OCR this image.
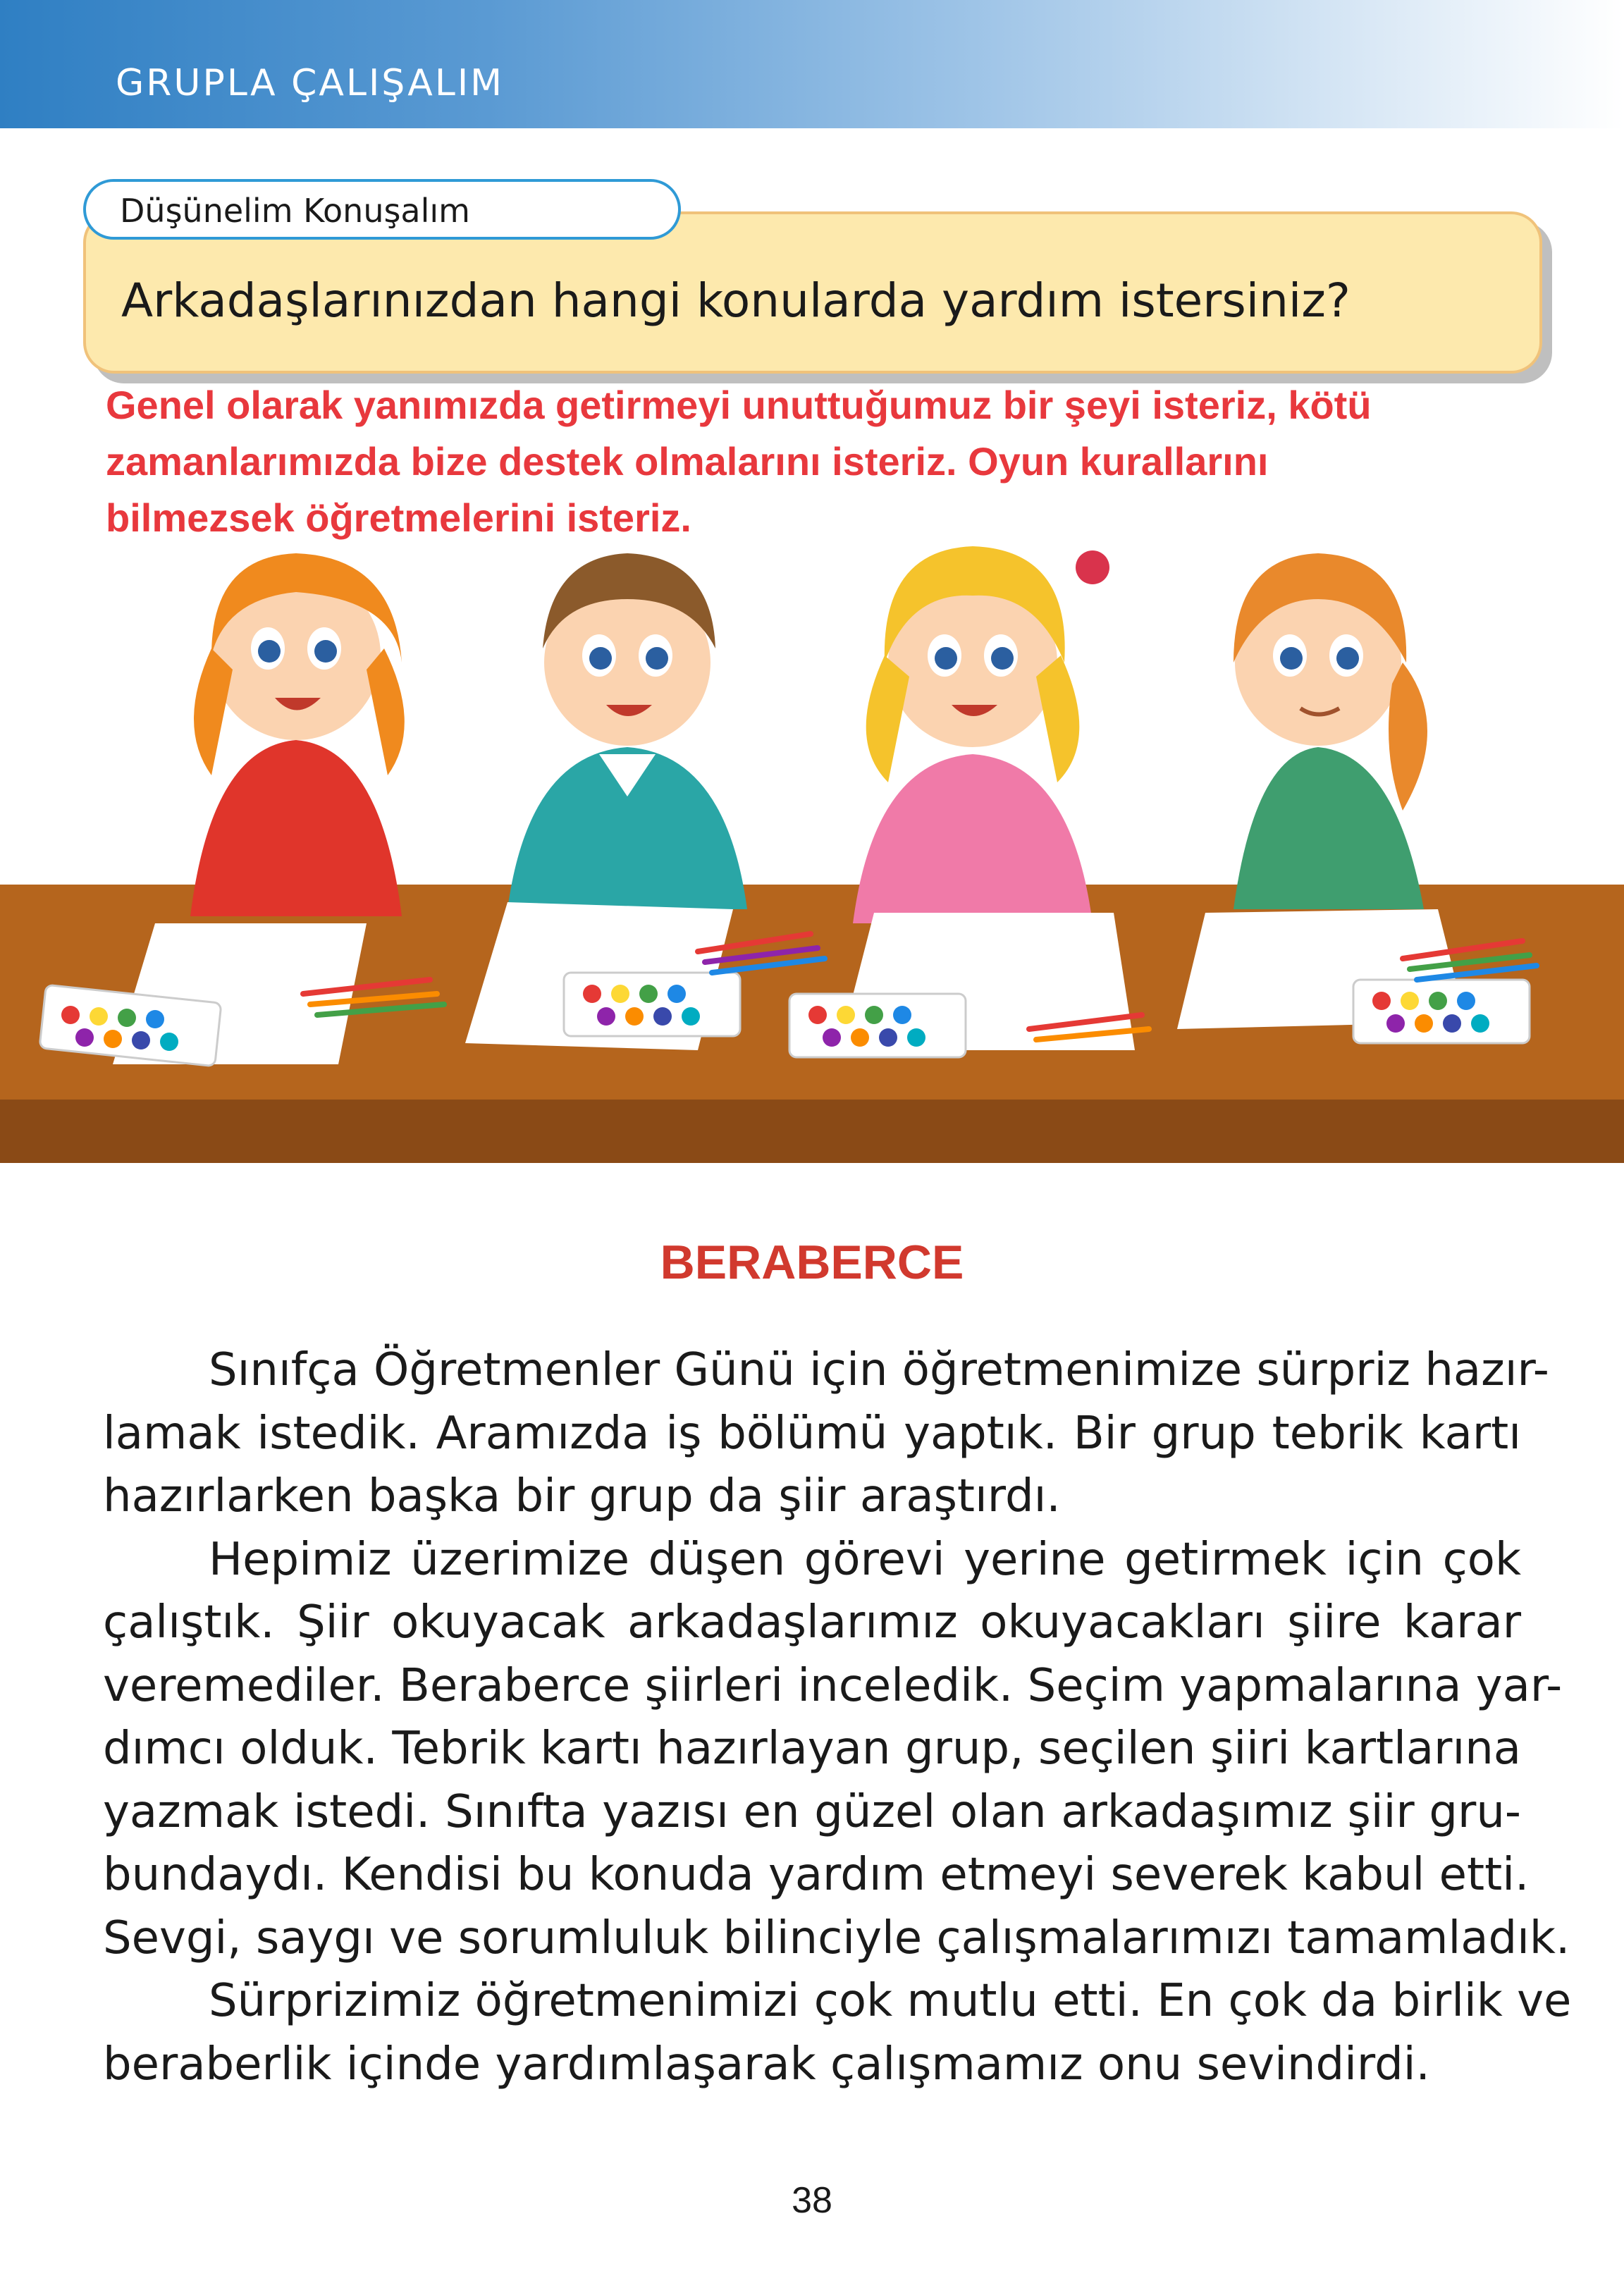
GRUPLA ÇALIŞALIM
Arkadaşlarınızdan hangi konularda yardım istersiniz?
Düşünelim Konuşalım
Genel olarak yanımızda getirmeyi unuttuğumuz bir şeyi isteriz, kötü
zamanlarımızda bize destek olmalarını isteriz. Oyun kurallarını
bilmezsek öğretmelerini isteriz.
BERABERCE
Sınıfça Öğretmenler Günü için öğretmenimize sürpriz hazır-
lamak istedik. Aramızda iş bölümü yaptık. Bir grup tebrik kartı
hazırlarken başka bir grup da şiir araştırdı.
Hepimiz üzerimize düşen görevi yerine getirmek için çok
çalıştık. Şiir okuyacak arkadaşlarımız okuyacakları şiire karar
veremediler. Beraberce şiirleri inceledik. Seçim yapmalarına yar-
dımcı olduk. Tebrik kartı hazırlayan grup, seçilen şiiri kartlarına
yazmak istedi. Sınıfta yazısı en güzel olan arkadaşımız şiir gru-
bundaydı. Kendisi bu konuda yardım etmeyi severek kabul etti.
Sevgi, saygı ve sorumluluk bilinciyle çalışmalarımızı tamamladık.
Sürprizimiz öğretmenimizi çok mutlu etti. En çok da birlik ve
beraberlik içinde yardımlaşarak çalışmamız onu sevindirdi.
38
